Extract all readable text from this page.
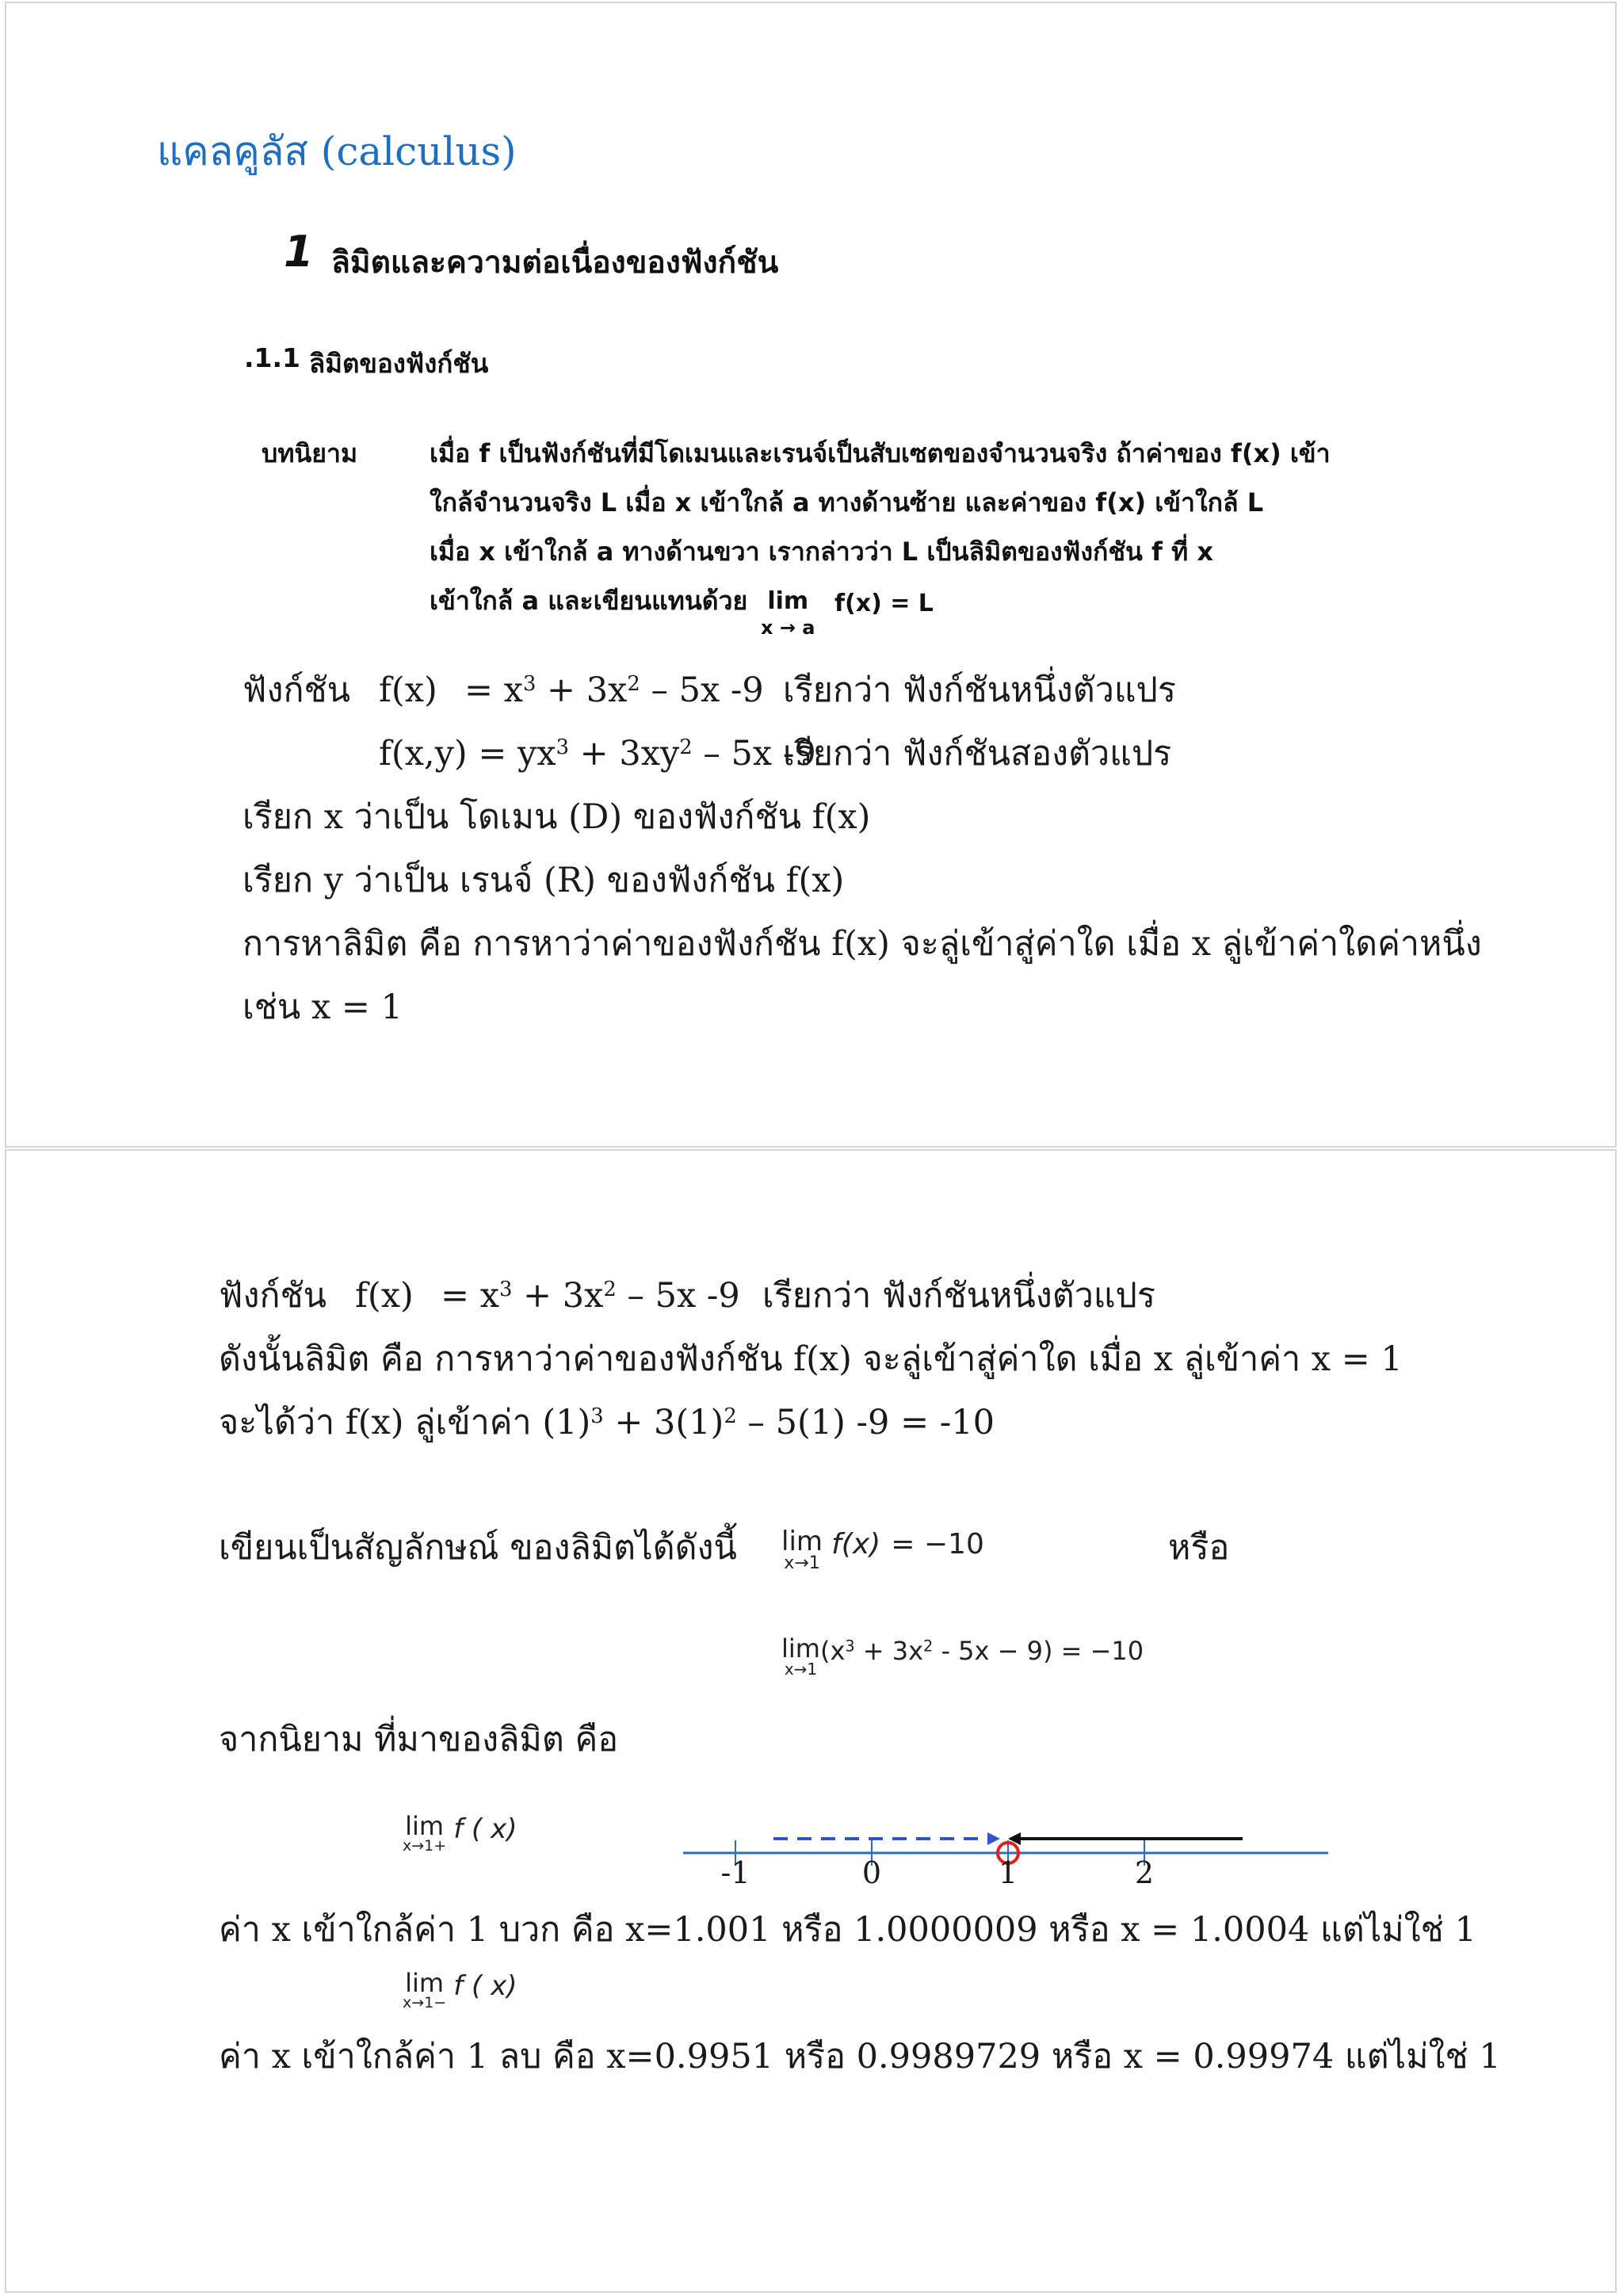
แคลคูลัส (calculus)
1 ลิมิตและความต่อเนื่องของฟังก์ชัน
.1.1 ลิมิตของฟังก์ชัน
บทนิยาม	เมื่อ f เป็นฟังก์ชันที่มีโดเมนและเรนจ์เป็นสับเซตของจำนวนจริง ถ้าค่าของ f(x) เข้า
ใกล้จำนวนจริง L เมื่อ x เข้าใกล้ a ทางด้านซ้าย และค่าของ f(x) เข้าใกล้ L
เมื่อ x เข้าใกล้ a ทางด้านขวา เรากล่าวว่า L เป็นลิมิตของฟังก์ชัน f ที่ x
เข้าใกล้ a และเขียนแทนด้วย lim
x → a
f(x) = L
ฟังก์ชัน $f(x) = x^3 + 3x^2 - 5x$ -9 เรียกว่า ฟังก์ชันหนึ่งตัวแปร
$f(x,y) = yx^3 + 3xy^2 - 5x$ -9
เรียกว่า ฟังก์ชันสองตัวแปร
เรียก x ว่าเป็น โดเมน (D) ของฟังก์ชัน f(x)
เรียก y ว่าเป็น เรนจ์ (R) ของฟังก์ชัน f(x)
การหาลิมิต คือ การหาว่าค่าของฟังก์ชัน f(x) จะลู่เข้าสู่ค่าใด เมื่อ x ลู่เข้าค่าใดค่าหนึ่ง
เช่น x = 1
ฟังก์ชัน $f(x) = x^3 + 3x^2 - 5x$ -9 เรียกว่า ฟังก์ชันหนึ่งตัวแปร
ดังนั้นลิมิต คือ การหาว่าค่าของฟังก์ชัน f(x) จะลู่เข้าสู่ค่าใด เมื่อ x ลู่เข้าค่า x = 1
จะได้ว่า f(x) ลู่เข้าค่า $(1)^3 + 3(1)^2 - 5(1) -9 = -10$
เขียนเป็นสัญลักษณ์ ของลิมิตได้ดังนี้ lim
x→1
f(x) = −10	หรือ
lim
x→1
$(x^3 + 3x^2 - 5x - 9) = -10$
จากนิยาม ที่มาของลิมิต คือ
lim
x→1+
f ( x)
-1	0	1	2
ค่า x เข้าใกล้ค่า 1 บวก คือ x=1.001 หรือ 1.0000009 หรือ x = 1.0004 แต่ไม่ใช่ 1
lim
x→1−
f ( x)
ค่า x เข้าใกล้ค่า 1 ลบ คือ x=0.9951 หรือ 0.9989729 หรือ x = 0.99974 แต่ไม่ใช่ 1
